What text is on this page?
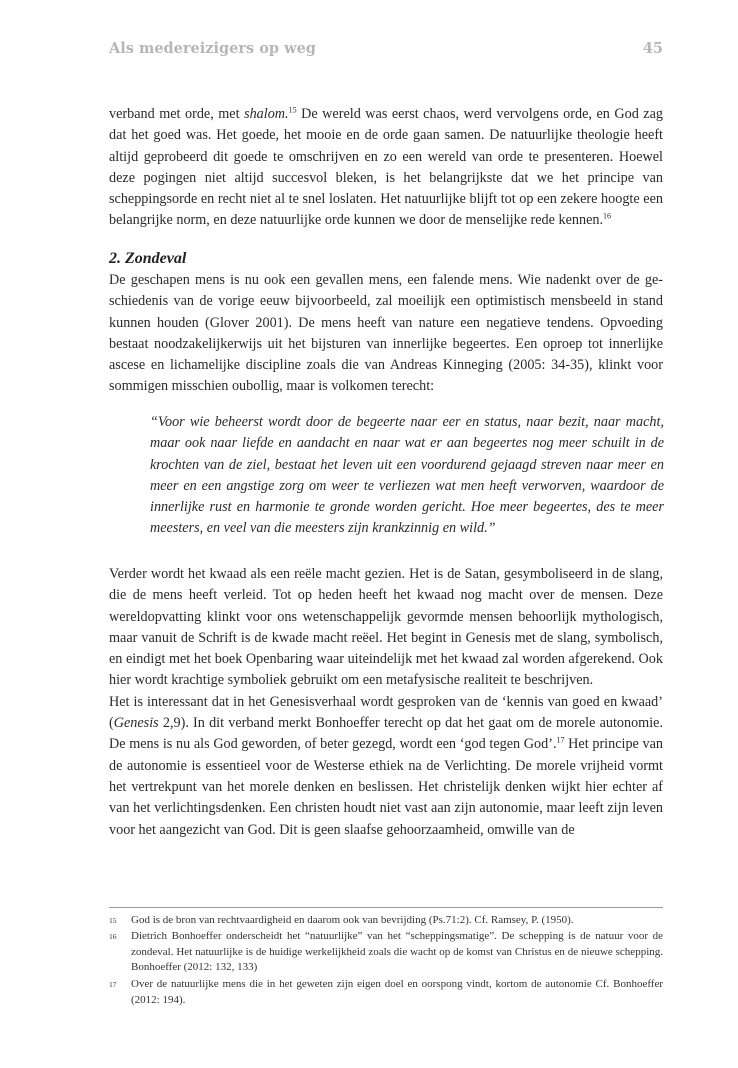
Als medereizigers op weg	45

verband met orde, met shalom.$^{15}$ De wereld was eerst chaos, werd vervolgens orde, en God zag dat het goed was. Het goede, het mooie en de orde gaan samen. De natuurlijke theologie heeft altijd geprobeerd dit goede te omschrijven en zo een wereld van orde te presenteren. Hoewel deze pogingen niet altijd succesvol bleken, is het belangrijkste dat we het principe van scheppingsorde en recht niet al te snel loslaten. Het natuurlijke blijft tot op een zekere hoogte een belangrijke norm, en deze natuurlijke orde kunnen we door de menselijke rede kennen.$^{16}$

2. Zondeval

De geschapen mens is nu ook een gevallen mens, een falende mens. Wie nadenkt over de geschiedenis van de vorige eeuw bijvoorbeeld, zal moeilijk een optimistisch mensbeeld in stand kunnen houden (Glover 2001). De mens heeft van nature een negatieve tendens. Opvoeding bestaat noodzakelijkerwijs uit het bijsturen van innerlijke begeertes. Een oproep tot innerlijke ascese en lichamelijke discipline zoals die van Andreas Kinneging (2005: 34-35), klinkt voor sommigen misschien oubollig, maar is volkomen terecht:

“Voor wie beheerst wordt door de begeerte naar eer en status, naar bezit, naar macht, maar ook naar liefde en aandacht en naar wat er aan begeertes nog meer schuilt in de krochten van de ziel, bestaat het leven uit een voordurend gejaagd streven naar meer en meer en een angstige zorg om weer te verliezen wat men heeft verworven, waardoor de innerlijke rust en harmonie te gronde worden gericht. Hoe meer begeertes, des te meer meesters, en veel van die meesters zijn krankzinnig en wild.”

Verder wordt het kwaad als een reële macht gezien. Het is de Satan, gesymboliseerd in de slang, die de mens heeft verleid. Tot op heden heeft het kwaad nog macht over de mensen. Deze wereldopvatting klinkt voor ons wetenschappelijk gevormde mensen behoorlijk mythologisch, maar vanuit de Schrift is de kwade macht reëel. Het begint in Genesis met de slang, symbolisch, en eindigt met het boek Openbaring waar uiteindelijk met het kwaad zal worden afgerekend. Ook hier wordt krachtige symboliek gebruikt om een metafysische realiteit te beschrijven.

Het is interessant dat in het Genesisverhaal wordt gesproken van de ‘kennis van goed en kwaad’ (Genesis 2,9). In dit verband merkt Bonhoeffer terecht op dat het gaat om de morele autonomie. De mens is nu als God geworden, of beter gezegd, wordt een ‘god tegen God’.$^{17}$ Het principe van de autonomie is essentieel voor de Westerse ethiek na de Verlichting. De morele vrijheid vormt het vertrekpunt van het morele denken en beslissen. Het christelijk denken wijkt hier echter af van het verlichtingsdenken. Een christen houdt niet vast aan zijn autonomie, maar leeft zijn leven voor het aangezicht van God. Dit is geen slaafse gehoorzaamheid, omwille van de

15 God is de bron van rechtvaardigheid en daarom ook van bevrijding (Ps.71:2). Cf. Ramsey, P. (1950).
16 Dietrich Bonhoeffer onderscheidt het “natuurlijke” van het “scheppingsmatige”. De schepping is de natuur voor de zondeval. Het natuurlijke is de huidige werkelijkheid zoals die wacht op de komst van Christus en de nieuwe schepping. Bonhoeffer (2012: 132, 133)
17 Over de natuurlijke mens die in het geweten zijn eigen doel en oorspong vindt, kortom de autonomie Cf. Bonhoeffer (2012: 194).
